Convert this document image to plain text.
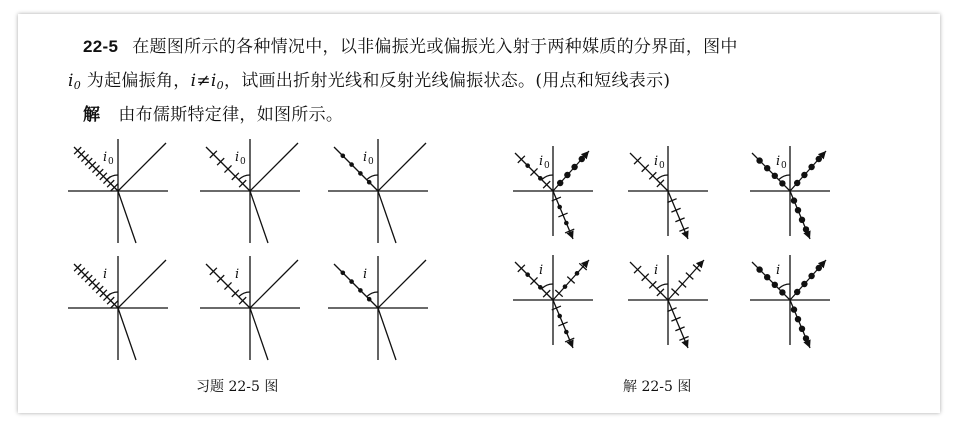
22-5 在题图所示的各种情况中，以非偏振光或偏振光入射于两种媒质的分界面，图中
i0 为起偏振角，i≠i0，试画出折射光线和反射光线偏振状态。(用点和短线表示)
解 由布儒斯特定律，如图所示。
习题 22-5 图	解 22-5 图
i 0	i 0	i 0
i	i	i
i 0	i 0	i 0
i	i	i
